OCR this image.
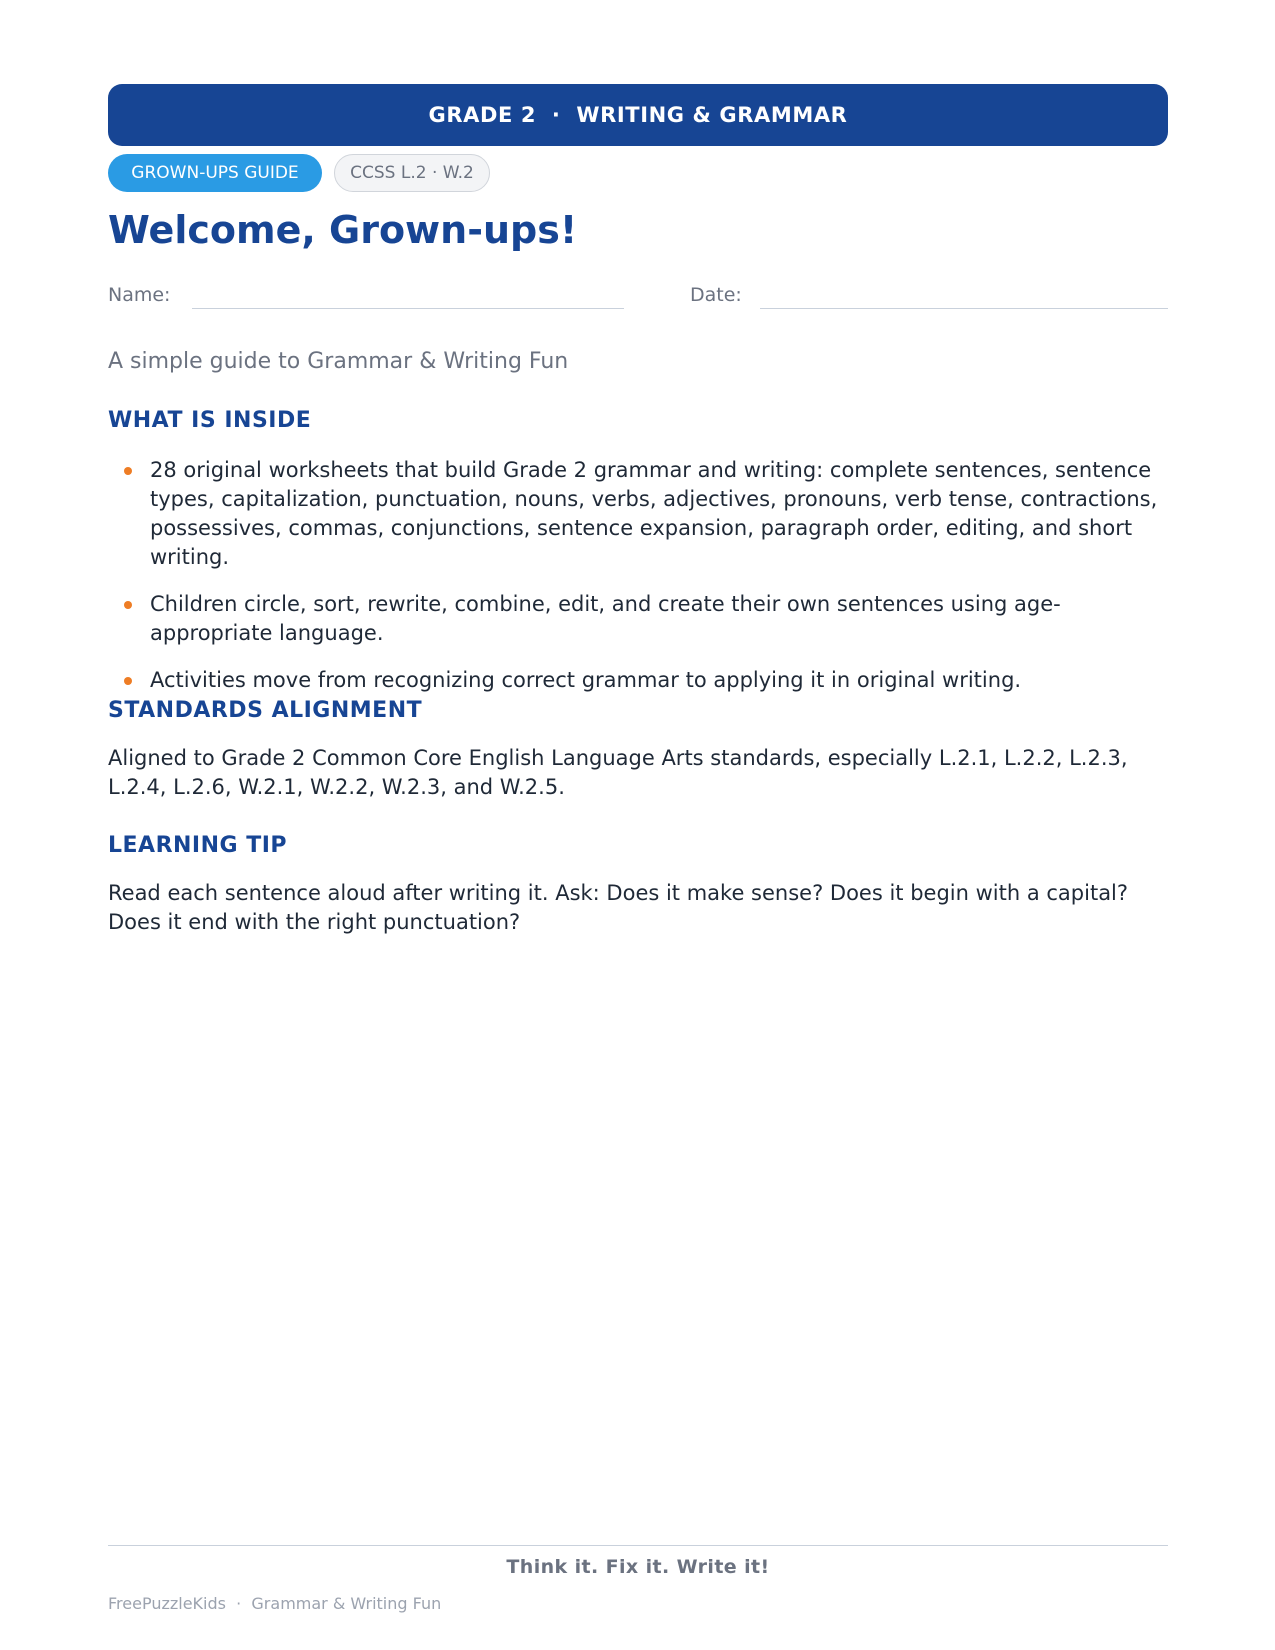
GRADE 2  ·  WRITING & GRAMMAR
GROWN-UPS GUIDE	CCSS L.2 · W.2
Welcome, Grown-ups!
Name:	Date:
A simple guide to Grammar & Writing Fun
WHAT IS INSIDE
28 original worksheets that build Grade 2 grammar and writing: complete sentences, sentence types, capitalization, punctuation, nouns, verbs, adjectives, pronouns, verb tense, contractions, possessives, commas, conjunctions, sentence expansion, paragraph order, editing, and short writing.
Children circle, sort, rewrite, combine, edit, and create their own sentences using age-appropriate language.
Activities move from recognizing correct grammar to applying it in original writing.
STANDARDS ALIGNMENT

Aligned to Grade 2 Common Core English Language Arts standards, especially L.2.1, L.2.2, L.2.3, L.2.4, L.2.6, W.2.1, W.2.2, W.2.3, and W.2.5.

LEARNING TIP

Read each sentence aloud after writing it. Ask: Does it make sense? Does it begin with a capital? Does it end with the right punctuation?

Think it. Fix it. Write it!
FreePuzzleKids  ·  Grammar & Writing Fun
